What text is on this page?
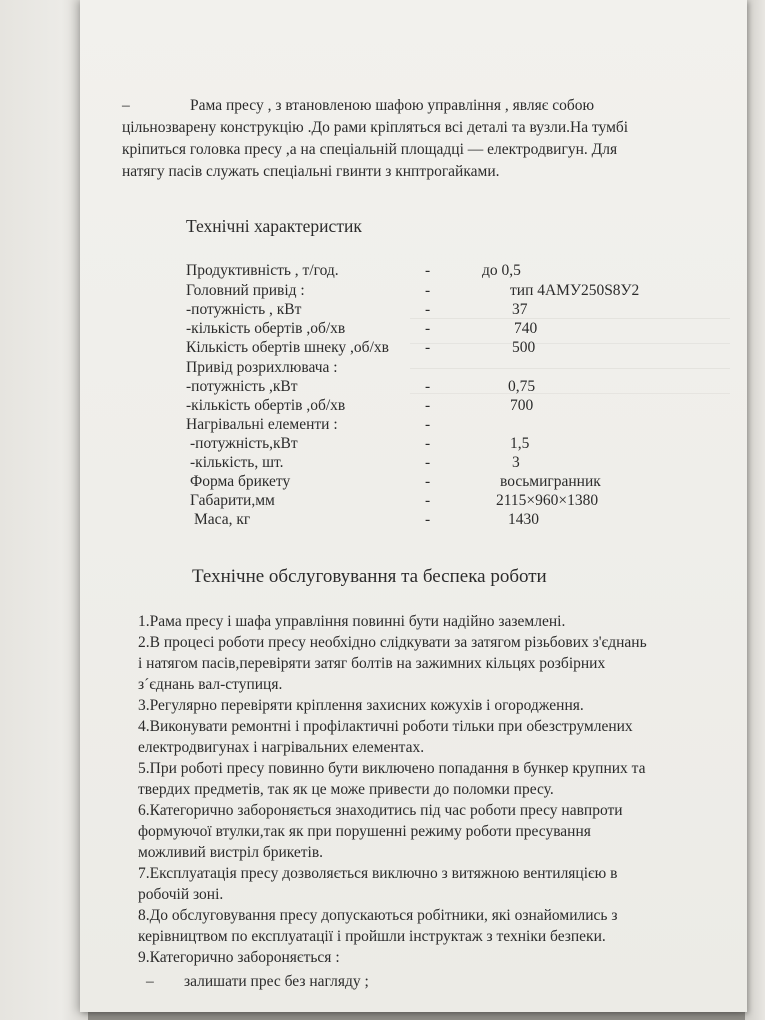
–	Рама пресу , з втановленою шафою управління , являє собою
цільнозварену конструкцію .До рами кріпляться всі деталі та вузли.На тумбі
кріпиться головка пресу ,а на спеціальній площадці — електродвигун. Для
натягу пасів служать спеціальні гвинти з кнптрогайками.
Технічні характеристик
Продуктивність , т/год.	-	до 0,5
Головний привід :	-	тип 4АМУ250S8У2
-потужність , кВт	-	37
-кількість обертів ,об/хв	-	740
Кількість обертів шнеку ,об/хв -	500
Привід розрихлювача :
-потужність ,кВт	-	0,75
-кількість обертів ,об/хв	-	700
Нагрівальні елементи :	-
-потужність,кВт	-	1,5
-кількість, шт.	-	3
Форма брикету	-	восьмигранник
Габарити,мм	-	2115×960×1380
Маса, кг	-	1430
Технічне обслуговування та беспека роботи
1.Рама пресу і шафа управління повинні бути надійно заземлені.
2.В процесі роботи пресу необхідно слідкувати за затягом різьбових з'єднань
і натягом пасів,перевіряти затяг болтів на зажимних кільцях розбірних
з´єднань вал-ступиця.
3.Регулярно перевіряти кріплення захисних кожухів і огородження.
4.Виконувати ремонтні і профілактичні роботи тільки при обезструмлених
електродвигунах і нагрівальних елементах.
5.При роботі пресу повинно бути виключено попадання в бункер крупних та
твердих предметів, так як це може привести до поломки пресу.
6.Категорично забороняється знаходитись під час роботи пресу навпроти
формуючої втулки,так як при порушенні режиму роботи пресування
можливий виcтріл брикетів.
7.Експлуатація пресу дозволяється виключно з витяжною вентиляцією в
робочій зоні.
8.До обслуговування пресу допускаються робітники, які ознайомились з
керівництвом по експлуатації і пройшли інструктаж з техніки безпеки.
9.Категорично забороняється :
– залишати прес без нагляду ;
